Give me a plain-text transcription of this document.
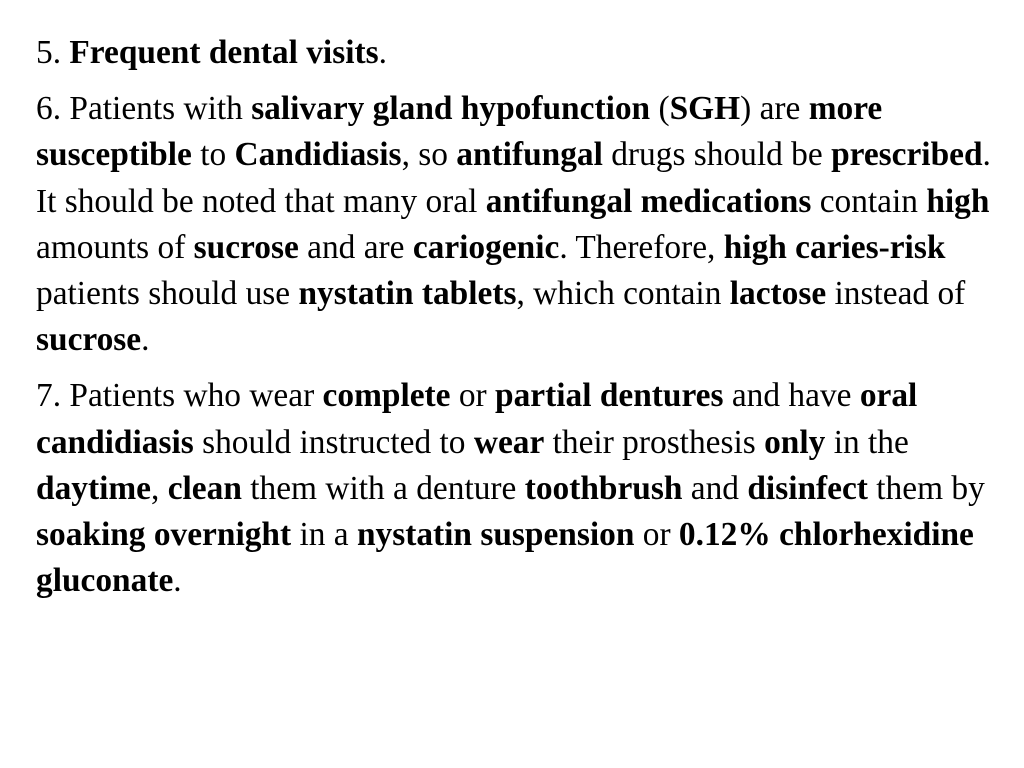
5. Frequent dental visits.

6. Patients with salivary gland hypofunction (SGH) are more susceptible to Candidiasis, so antifungal drugs should be prescribed. It should be noted that many oral antifungal medications contain high amounts of sucrose and are cariogenic. Therefore, high caries-risk patients should use nystatin tablets, which contain lactose instead of sucrose.

7. Patients who wear complete or partial dentures and have oral candidiasis should instructed to wear their prosthesis only in the daytime, clean them with a denture toothbrush and disinfect them by soaking overnight in a nystatin suspension or 0.12% chlorhexidine gluconate.
